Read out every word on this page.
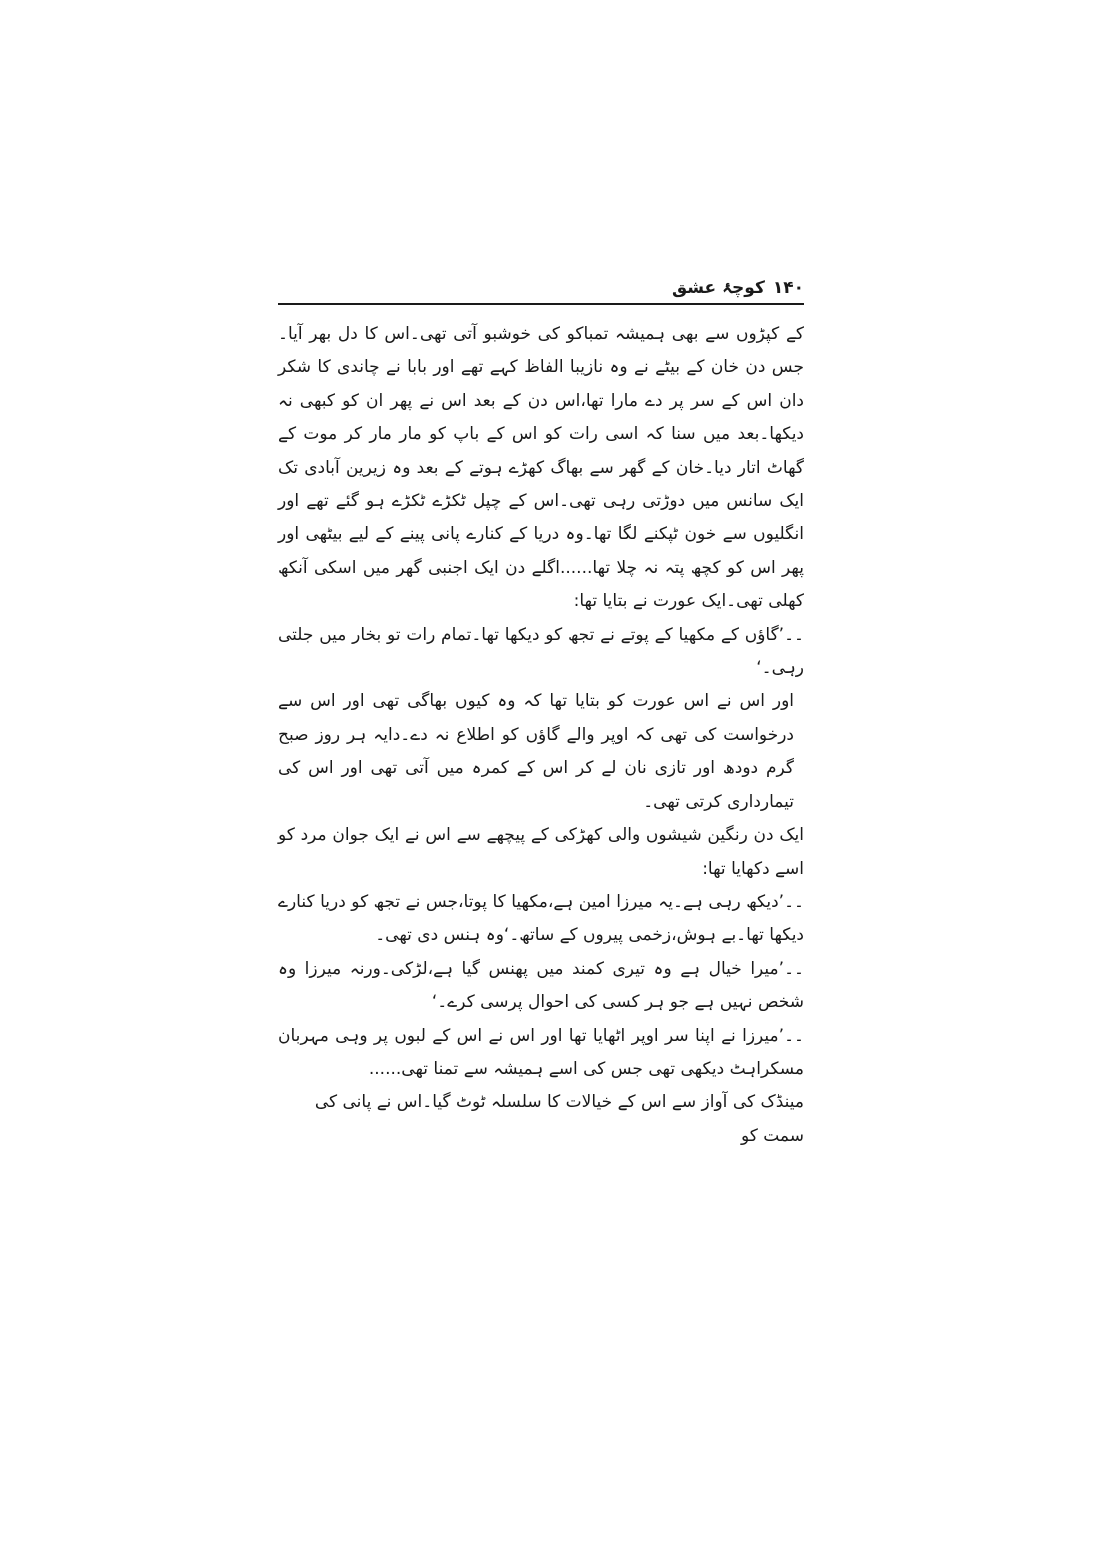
۱۴۰
کوچۂ عشق

کے کپڑوں سے بھی ہمیشہ تمباکو کی خوشبو آتی تھی۔اس کا دل بھر آیا۔جس دن خان کے بیٹے نے وہ نازیبا الفاظ کہے تھے اور بابا نے چاندی کا شکر دان اس کے سر پر دے مارا تھا،اس دن کے بعد اس نے پھر ان کو کبھی نہ دیکھا۔بعد میں سنا کہ اسی رات کو اس کے باپ کو مار مار کر موت کے گھاٹ اتار دیا۔خان کے گھر سے بھاگ کھڑے ہوتے کے بعد وہ زیرین آبادی تک ایک سانس میں دوڑتی رہی تھی۔اس کے چپل ٹکڑے ٹکڑے ہو گئے تھے اور انگلیوں سے خون ٹپکنے لگا تھا۔وہ دریا کے کنارے پانی پینے کے لیے بیٹھی اور پھر اس کو کچھ پتہ نہ چلا تھا......اگلے دن ایک اجنبی گھر میں اسکی آنکھ کھلی تھی۔ایک عورت نے بتایا تھا:

۔۔’گاؤں کے مکھیا کے پوتے نے تجھ کو دیکھا تھا۔تمام رات تو بخار میں جلتی رہی۔‘

اور اس نے اس عورت کو بتایا تھا کہ وہ کیوں بھاگی تھی اور اس سے درخواست کی تھی کہ اوپر والے گاؤں کو اطلاع نہ دے۔دایہ ہر روز صبح گرم دودھ اور تازی نان لے کر اس کے کمرہ میں آتی تھی اور اس کی تیمارداری کرتی تھی۔

ایک دن رنگین شیشوں والی کھڑکی کے پیچھے سے اس نے ایک جوان مرد کو اسے دکھایا تھا:

۔۔’دیکھ رہی ہے۔یہ میرزا امین ہے،مکھیا کا پوتا،جس نے تجھ کو دریا کنارے دیکھا تھا۔بے ہوش،زخمی پیروں کے ساتھ۔‘وہ ہنس دی تھی۔

۔۔’میرا خیال ہے وہ تیری کمند میں پھنس گیا ہے،لڑکی۔ورنہ میرزا وہ شخص نہیں ہے جو ہر کسی کی احوال پرسی کرے۔‘

۔۔’میرزا نے اپنا سر اوپر اٹھایا تھا اور اس نے اس کے لبوں پر وہی مہربان مسکراہٹ دیکھی تھی جس کی اسے ہمیشہ سے تمنا تھی......

مینڈک کی آواز سے اس کے خیالات کا سلسلہ ٹوٹ گیا۔اس نے پانی کی سمت کو
